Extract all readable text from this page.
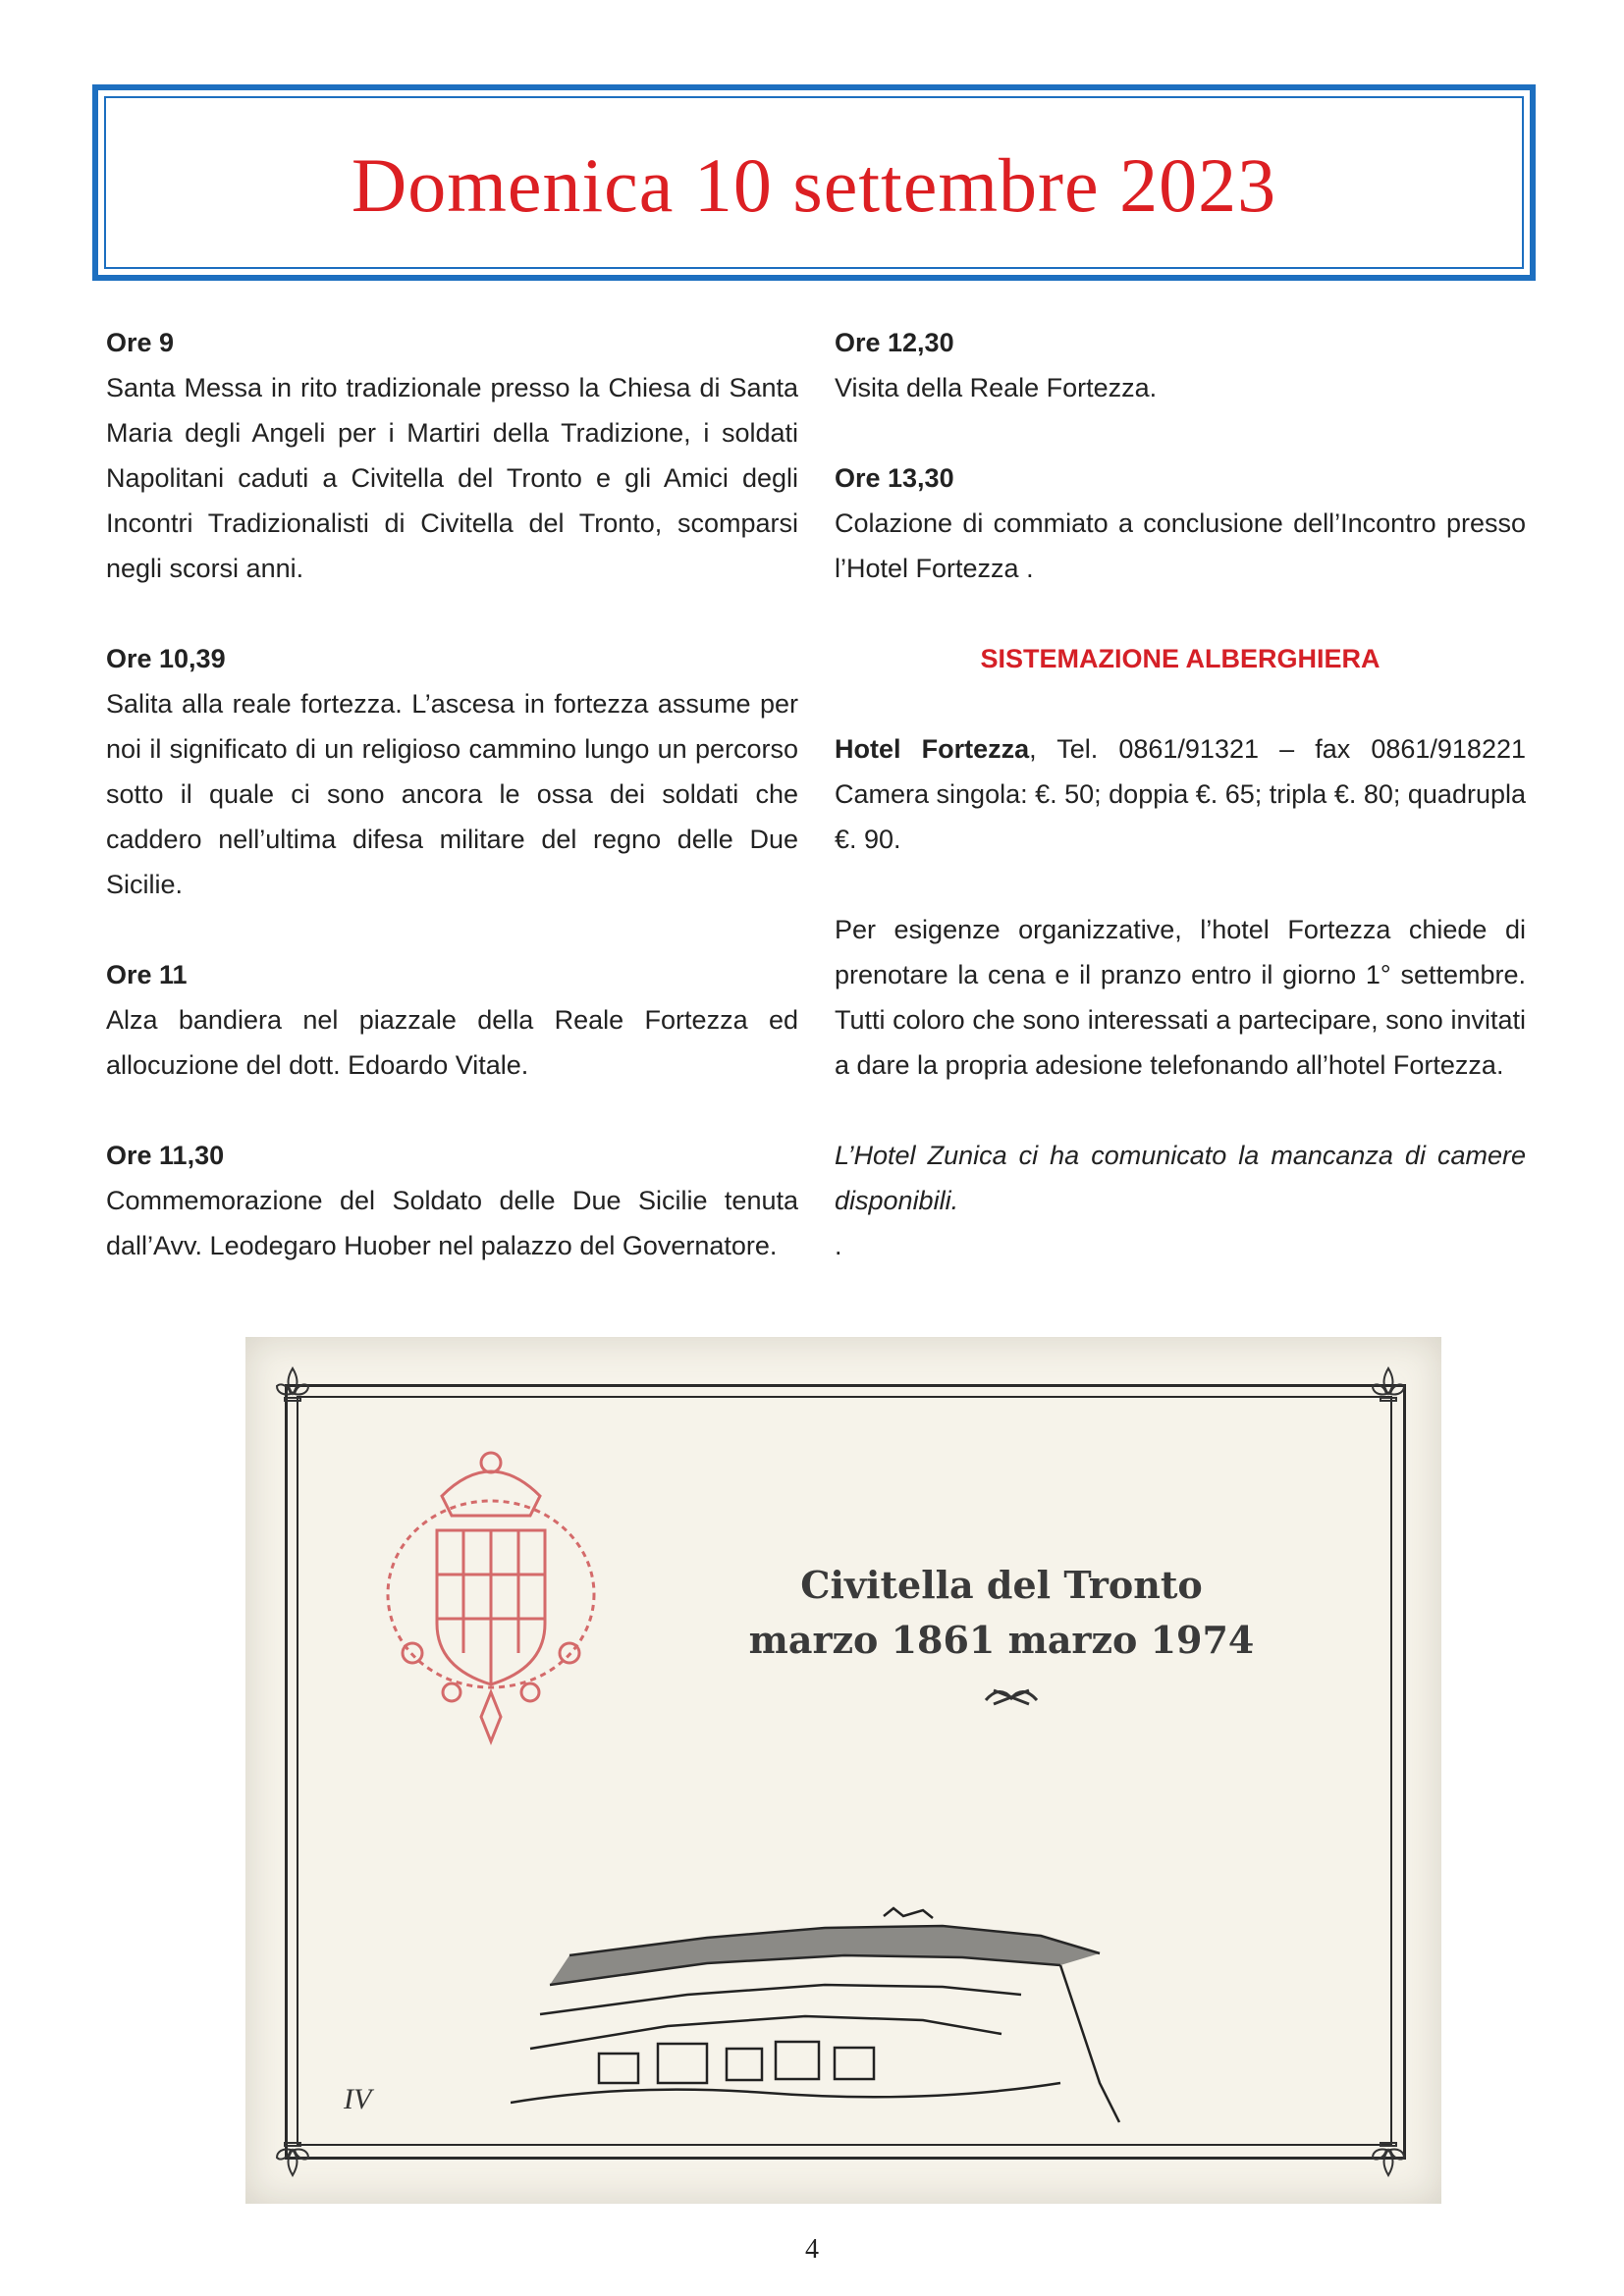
Domenica 10 settembre 2023
Ore 9
Santa Messa in rito tradizionale presso la Chiesa di Santa Maria degli Angeli per i Martiri della Tradizione, i soldati Napolitani caduti a Civitella del Tronto e gli Amici degli Incontri Tradizionalisti di Civitella del Tronto, scomparsi negli scorsi anni.
Ore 10,39
Salita alla reale fortezza. L’ascesa in fortezza assume per noi il significato di un religioso cammino lungo un percorso sotto il quale ci sono ancora le ossa dei soldati che caddero nell’ultima difesa militare del regno delle Due Sicilie.
Ore 11
Alza bandiera nel piazzale della Reale Fortezza ed allocuzione del dott. Edoardo Vitale.
Ore 11,30
Commemorazione del Soldato delle Due Sicilie tenuta dall’Avv. Leodegaro Huober nel palazzo del Governatore.
Ore 12,30
Visita della Reale Fortezza.
Ore 13,30
Colazione di commiato a conclusione dell’Incontro presso l’Hotel Fortezza .
SISTEMAZIONE ALBERGHIERA
Hotel Fortezza, Tel. 0861/91321 – fax 0861/918221 Camera singola: €. 50; doppia €. 65; tripla €. 80; quadrupla €. 90.
Per esigenze organizzative, l’hotel Fortezza chiede di prenotare la cena e il pranzo entro il giorno 1° settembre. Tutti coloro che sono interessati a partecipare, sono invitati a dare la propria adesione telefonando all’hotel Fortezza.
L’Hotel Zunica ci ha comunicato la mancanza di camere disponibili.
.
Civitella del Tronto
marzo 1861 marzo 1974
IV
4
